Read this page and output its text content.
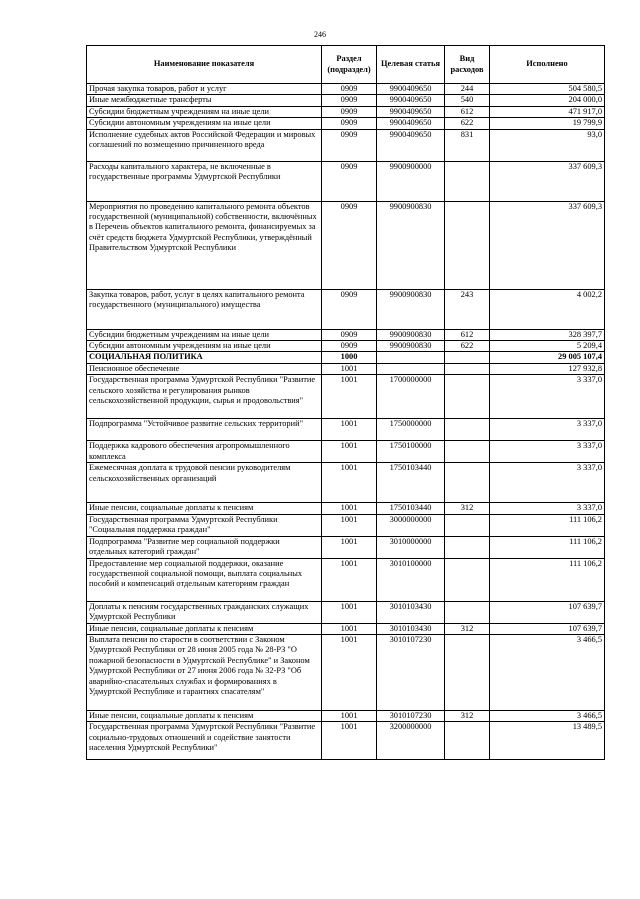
246
Наименование показателя	Раздел (подраздел)	Целевая статья	Вид расходов	Исполнено
Прочая закупка товаров, работ и услуг	0909	9900409650	244	504 580,5
Иные межбюджетные трансферты	0909	9900409650	540	204 000,0
Субсидии бюджетным учреждениям на иные цели	0909	9900409650	612	471 917,0
Субсидии автономным учреждениям на иные цели	0909	9900409650	622	19 799,9
Исполнение судебных актов Российской Федерации и мировых соглашений по возмещению причиненного вреда	0909	9900409650	831	93,0
Расходы капитального характера, не включенные в государственные программы Удмуртской Республики	0909	9900900000		337 609,3
Мероприятия по проведению капитального ремонта объектов государственной (муниципальной) собственности, включённых в Перечень объектов капитального ремонта, финансируемых за счёт средств бюджета Удмуртской Республики, утверждённый Правительством Удмуртской Республики	0909	9900900830		337 609,3
Закупка товаров, работ, услуг в целях капитального ремонта государственного (муниципального) имущества	0909	9900900830	243	4 002,2
Субсидии бюджетным учреждениям на иные цели	0909	9900900830	612	328 397,7
Субсидии автономным учреждениям на иные цели	0909	9900900830	622	5 209,4
СОЦИАЛЬНАЯ ПОЛИТИКА	1000			29 005 107,4
Пенсионное обеспечение	1001			127 932,8
Государственная программа Удмуртской Республики "Развитие сельского хозяйства и регулирования рынков сельскохозяйственной продукции, сырья и продовольствия"	1001	1700000000		3 337,0
Подпрограмма "Устойчивое развитие сельских территорий"	1001	1750000000		3 337,0
Поддержка кадрового обеспечения агропромышленного комплекса	1001	1750100000		3 337,0
Ежемесячная доплата к трудовой пенсии руководителям сельскохозяйственных организаций	1001	1750103440		3 337,0
Иные пенсии, социальные доплаты к пенсиям	1001	1750103440	312	3 337,0
Государственная программа Удмуртской Республики "Социальная поддержка граждан"	1001	3000000000		111 106,2
Подпрограмма "Развитие мер социальной поддержки отдельных категорий граждан"	1001	3010000000		111 106,2
Предоставление мер социальной поддержки, оказание государственной социальной помощи, выплата социальных пособий и компенсаций отдельным категориям граждан	1001	3010100000		111 106,2
Доплаты к пенсиям государственных гражданских служащих Удмуртской Республики	1001	3010103430		107 639,7
Иные пенсии, социальные доплаты к пенсиям	1001	3010103430	312	107 639,7
Выплата пенсии по старости в соответствии с Законом Удмуртской Республики от 28 июня 2005 года № 28-РЗ "О пожарной безопасности в Удмуртской Республике" и Законом Удмуртской Республики от 27 июня 2006 года № 32-РЗ "Об аварийно-спасательных службах и формированиях в Удмуртской Республике и гарантиях спасателям"	1001	3010107230		3 466,5
Иные пенсии, социальные доплаты к пенсиям	1001	3010107230	312	3 466,5
Государственная программа Удмуртской Республики "Развитие социально-трудовых отношений и содействие занятости населения Удмуртской Республики"	1001	3200000000		13 489,5
